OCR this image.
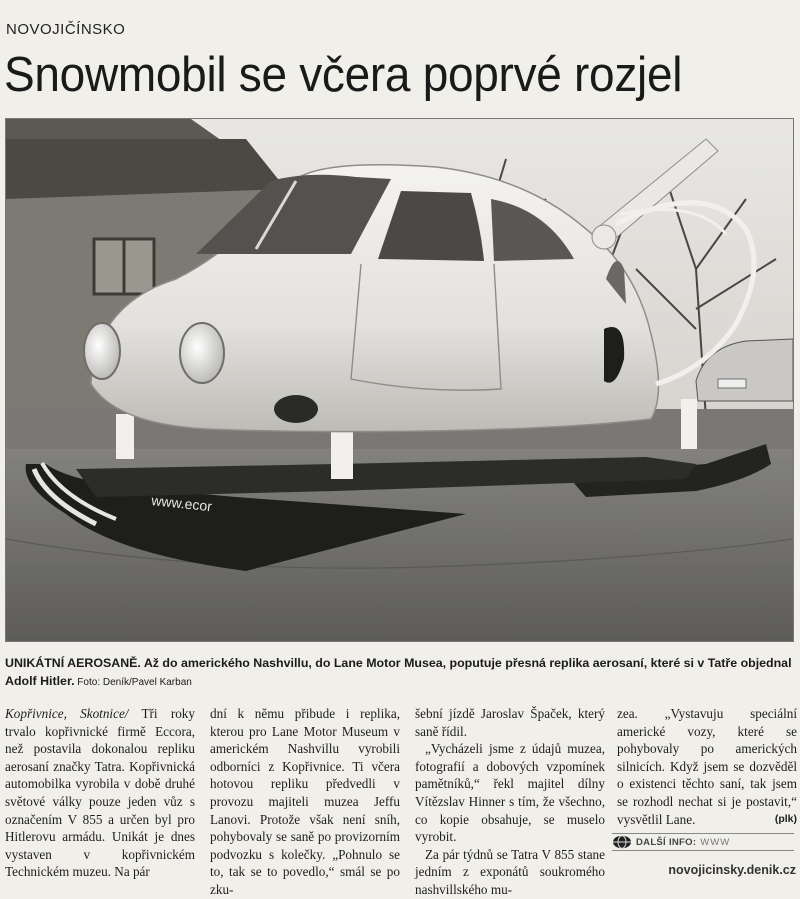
NOVOJIČÍNSKO
Snowmobil se včera poprvé rozjel
www.ecor
UNIKÁTNÍ AEROSANĚ. Až do amerického Nashvillu, do Lane Motor Musea, poputuje přesná replika aerosaní, které si v Tatře objednal Adolf Hitler. Foto: Deník/Pavel Karban

Kopřivnice, Skotnice/ Tři roky trvalo kopřivnické firmě Eccora, než postavila dokonalou repliku aerosaní značky Tatra. Kopřivnická automobilka vyrobila v době druhé světové války pouze jeden vůz s označením V 855 a určen byl pro Hitlerovu armádu. Unikát je dnes vystaven v kopřivnickém Technickém muzeu. Na pár

dní k němu přibude i replika, kterou pro Lane Motor Museum v americkém Nashvillu vyrobili odborníci z Kopřivnice. Ti včera hotovou repliku předvedli v provozu majiteli muzea Jeffu Lanovi. Protože však není sníh, pohybovaly se saně po provizorním podvozku s kolečky. „Pohnulo se to, tak se to povedlo,“ smál se po zku-

šební jízdě Jaroslav Špaček, který saně řídil.

„Vycházeli jsme z údajů muzea, fotografií a dobových vzpomínek pamětníků,“ řekl majitel dílny Vítězslav Hinner s tím, že všechno, co kopie obsahuje, se muselo vyrobit.

Za pár týdnů se Tatra V 855 stane jedním z exponátů soukromého nashvillského mu-

zea. „Vystavuju speciální americké vozy, které se pohybovaly po amerických silnicích. Když jsem se dozvěděl o existenci těchto saní, tak jsem se rozhodl nechat si je postavit,“ vysvětlil Lane.	(plk)

DALŠÍ INFO: WWW
novojicinsky.denik.cz
